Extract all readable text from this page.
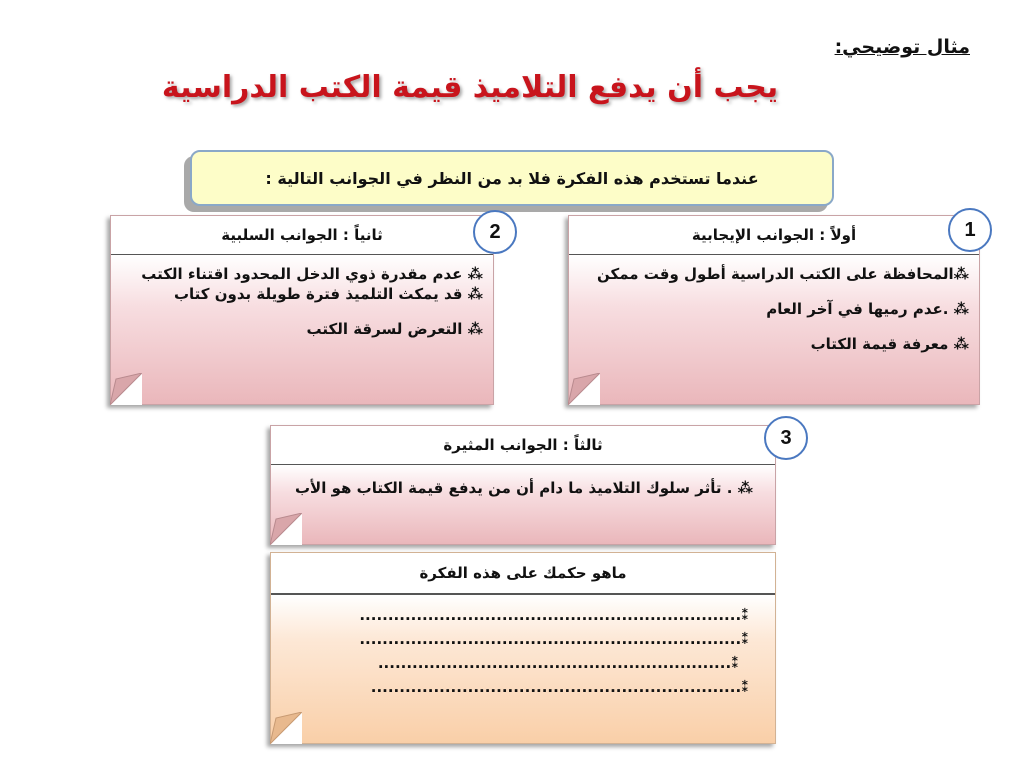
مثال توضيحي:
يجب أن يدفع التلاميذ قيمة الكتب الدراسية
عندما تستخدم هذه الفكرة فلا بد من النظر في الجوانب التالية :
أولاً : الجوانب الإيجابية
⁂المحافظة على الكتب الدراسية أطول وقت ممكن
⁂ .عدم رميها في آخر العام
⁂ معرفة قيمة الكتاب
1
ثانياً : الجوانب السلبية
⁂ عدم مقدرة ذوي الدخل المحدود اقتناء الكتب
⁂ قد يمكث التلميذ فترة طويلة بدون كتاب
⁂ التعرض لسرقة الكتب
2
ثالثاً : الجوانب المثيرة
⁂ . تأثر سلوك التلاميذ ما دام أن من يدفع قيمة الكتاب هو الأب
3
ماهو حكمك على هذه الفكرة
⁑...................................................................
⁑...................................................................
⁑..............................................................
⁑.................................................................
